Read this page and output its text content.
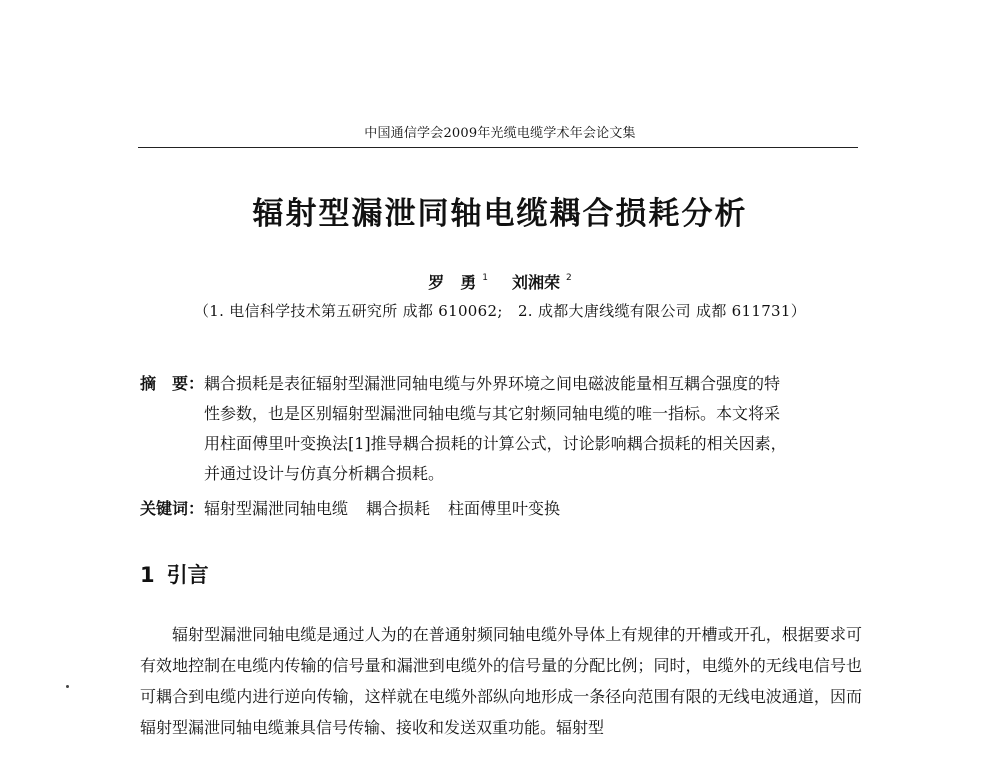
中国通信学会2009年光缆电缆学术年会论文集
辐射型漏泄同轴电缆耦合损耗分析
罗　勇 $^1$ 刘湘荣 $^2$
（1. 电信科学技术第五研究所 成都 610062;　2. 成都大唐线缆有限公司 成都 611731）

摘　要：耦合损耗是表征辐射型漏泄同轴电缆与外界环境之间电磁波能量相互耦合强度的特

性参数，也是区别辐射型漏泄同轴电缆与其它射频同轴电缆的唯一指标。本文将采

用柱面傅里叶变换法[1]推导耦合损耗的计算公式，讨论影响耦合损耗的相关因素，

并通过设计与仿真分析耦合损耗。

关键词：辐射型漏泄同轴电缆 耦合损耗 柱面傅里叶变换
1 引言

辐射型漏泄同轴电缆是通过人为的在普通射频同轴电缆外导体上有规律的开槽或开孔，根据要求可有效地控制在电缆内传输的信号量和漏泄到电缆外的信号量的分配比例；同时，电缆外的无线电信号也可耦合到电缆内进行逆向传输，这样就在电缆外部纵向地形成一条径向范围有限的无线电波通道，因而辐射型漏泄同轴电缆兼具信号传输、接收和发送双重功能。辐射型
